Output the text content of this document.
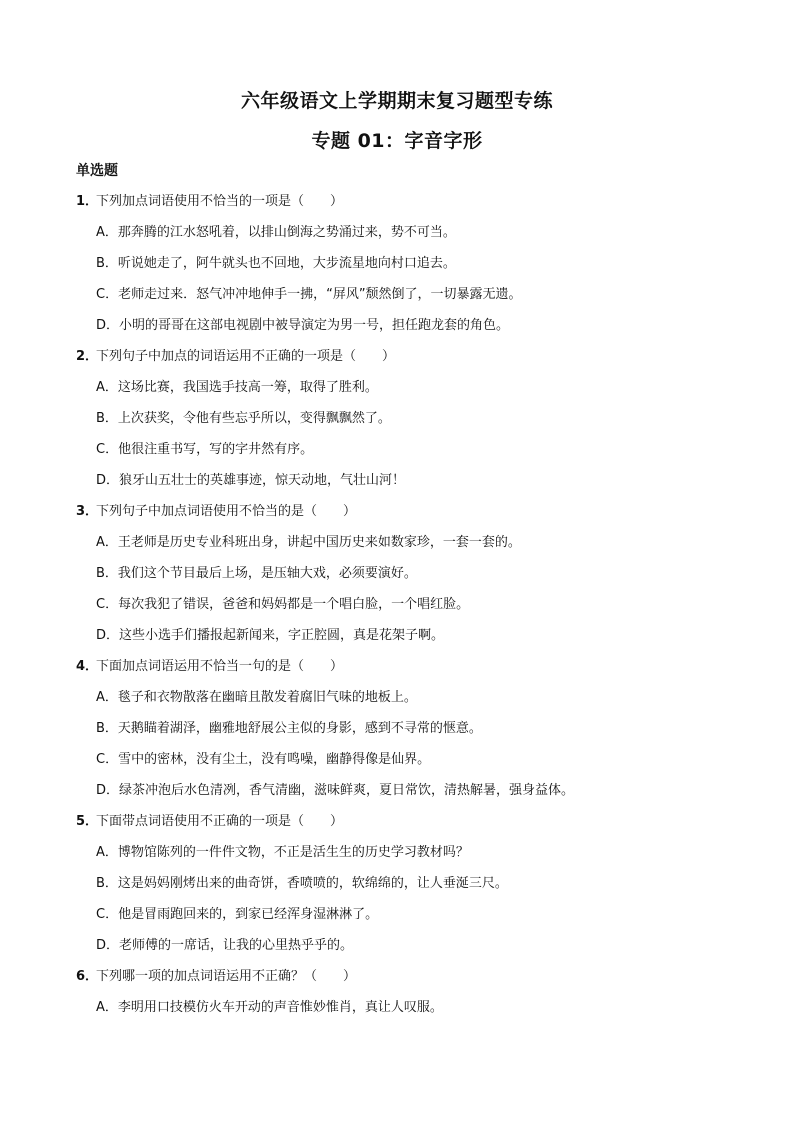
六年级语文上学期期末复习题型专练
专题 01：字音字形
单选题
1．下列加点词语使用不恰当的一项是（　　）
A．那奔腾的江水怒吼着，以排山倒海之势涌过来，势不可当。
B．听说她走了，阿牛就头也不回地，大步流星地向村口追去。
C．老师走过来．怒气冲冲地伸手一拂，“屏风”颓然倒了，一切暴露无遗。
D．小明的哥哥在这部电视剧中被导演定为男一号，担任跑龙套的角色。
2．下列句子中加点的词语运用不正确的一项是（　　）
A．这场比赛，我国选手技高一筹，取得了胜利。
B．上次获奖，令他有些忘乎所以，变得飘飘然了。
C．他很注重书写，写的字井然有序。
D．狼牙山五壮士的英雄事迹，惊天动地，气壮山河！
3．下列句子中加点词语使用不恰当的是（　　）
A．王老师是历史专业科班出身，讲起中国历史来如数家珍，一套一套的。
B．我们这个节目最后上场，是压轴大戏，必须要演好。
C．每次我犯了错误，爸爸和妈妈都是一个唱白脸，一个唱红脸。
D．这些小选手们播报起新闻来，字正腔圆，真是花架子啊。
4．下面加点词语运用不恰当一句的是（　　）
A．毯子和衣物散落在幽暗且散发着腐旧气味的地板上。
B．天鹅瞄着湖泽，幽雅地舒展公主似的身影，感到不寻常的惬意。
C．雪中的密林，没有尘土，没有鸣噪，幽静得像是仙界。
D．绿茶冲泡后水色清冽，香气清幽，滋味鲜爽，夏日常饮，清热解暑，强身益体。
5．下面带点词语使用不正确的一项是（　　）
A．博物馆陈列的一件件文物，不正是活生生的历史学习教材吗？
B．这是妈妈刚烤出来的曲奇饼，香喷喷的，软绵绵的，让人垂涎三尺。
C．他是冒雨跑回来的，到家已经浑身湿淋淋了。
D．老师傅的一席话，让我的心里热乎乎的。
6．下列哪一项的加点词语运用不正确？（　　）
A．李明用口技模仿火车开动的声音惟妙惟肖，真让人叹服。
